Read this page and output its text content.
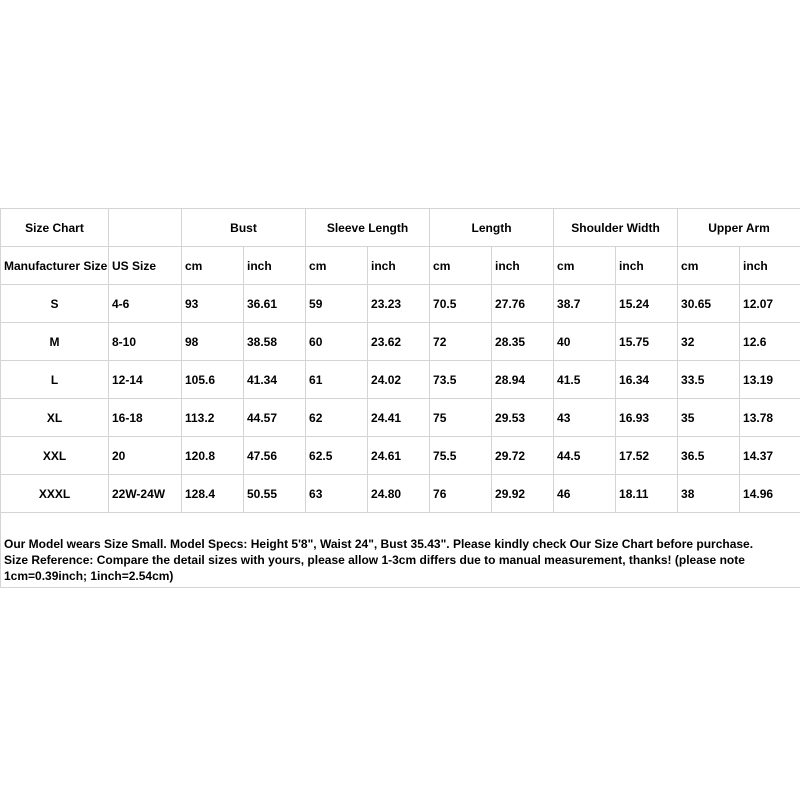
Size Chart		Bust		Sleeve Length		Length		Shoulder Width		Upper Arm	
Manufacturer Size	US Size	cm	inch	cm	inch	cm	inch	cm	inch	cm	inch
S	4-6	93	36.61	59	23.23	70.5	27.76	38.7	15.24	30.65	12.07
M	8-10	98	38.58	60	23.62	72	28.35	40	15.75	32	12.6
L	12-14	105.6	41.34	61	24.02	73.5	28.94	41.5	16.34	33.5	13.19
XL	16-18	113.2	44.57	62	24.41	75	29.53	43	16.93	35	13.78
XXL	20	120.8	47.56	62.5	24.61	75.5	29.72	44.5	17.52	36.5	14.37
XXXL	22W-24W	128.4	50.55	63	24.80	76	29.92	46	18.11	38	14.96

Our Model wears Size Small. Model Specs: Height 5'8", Waist 24", Bust 35.43". Please kindly check Our Size Chart before purchase.
Size Reference: Compare the detail sizes with yours, please allow 1-3cm differs due to manual measurement, thanks! (please note 1cm=0.39inch; 1inch=2.54cm)											
